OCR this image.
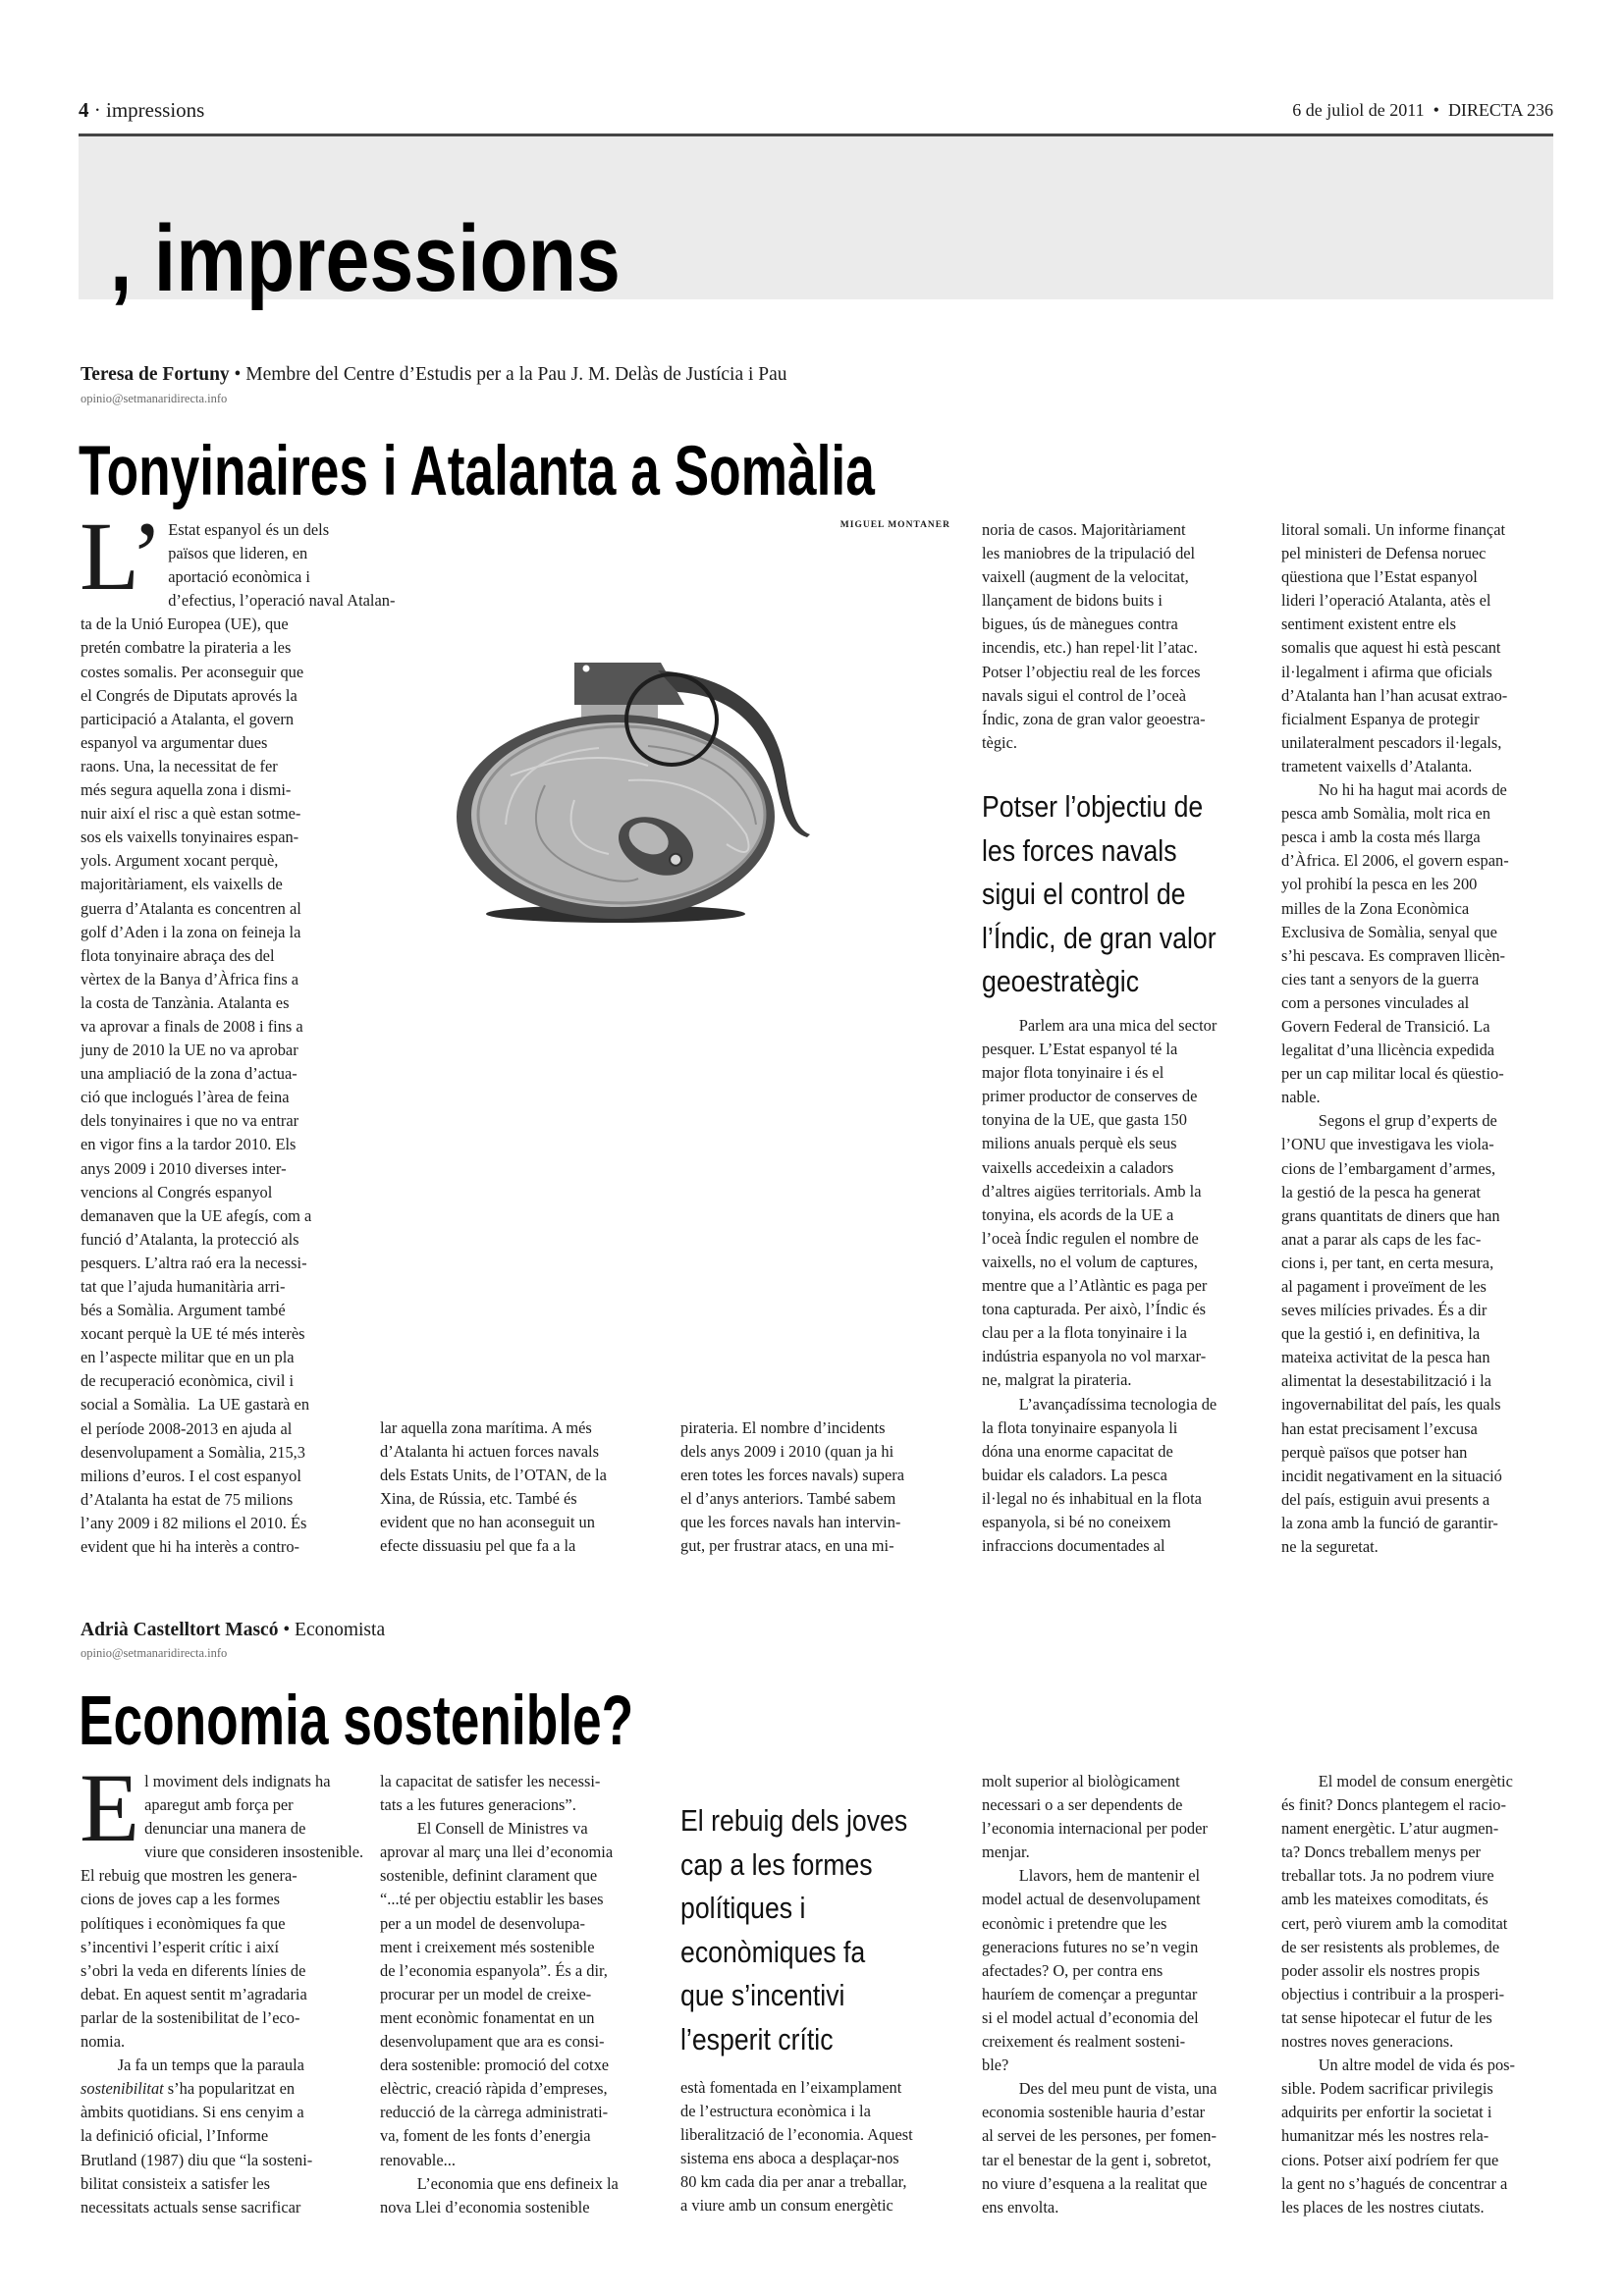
4 · impressions	6 de juliol de 2011  •  DIRECTA 236
, impressions
Teresa de Fortuny • Membre del Centre d’Estudis per a la Pau J. M. Delàs de Justícia i Pau
opinio@setmanaridirecta.info
Tonyinaires i Atalanta a Somàlia
L’ Estat espanyol és un dels
països que lideren, en
aportació econòmica i
d’efectius, l’operació naval Atalan-
ta de la Unió Europea (UE), que
pretén combatre la pirateria a les
costes somalis. Per aconseguir que
el Congrés de Diputats aprovés la
participació a Atalanta, el govern
espanyol va argumentar dues
raons. Una, la necessitat de fer
més segura aquella zona i dismi-
nuir així el risc a què estan sotme-
sos els vaixells tonyinaires espan-
yols. Argument xocant perquè,
majoritàriament, els vaixells de
guerra d’Atalanta es concentren al
golf d’Aden i la zona on feineja la
flota tonyinaire abraça des del
vèrtex de la Banya d’Àfrica fins a
la costa de Tanzània. Atalanta es
va aprovar a finals de 2008 i fins a
juny de 2010 la UE no va aprobar
una ampliació de la zona d’actua-
ció que inclogués l’àrea de feina
dels tonyinaires i que no va entrar
en vigor fins a la tardor 2010. Els
anys 2009 i 2010 diverses inter-
vencions al Congrés espanyol
demanaven que la UE afegís, com a
funció d’Atalanta, la protecció als
pesquers. L’altra raó era la necessi-
tat que l’ajuda humanitària arri-
bés a Somàlia. Argument també
xocant perquè la UE té més interès
en l’aspecte militar que en un pla
de recuperació econòmica, civil i
social a Somàlia.  La UE gastarà en
el període 2008-2013 en ajuda al
desenvolupament a Somàlia, 215,3
milions d’euros. I el cost espanyol
d’Atalanta ha estat de 75 milions
l’any 2009 i 82 milions el 2010. És
evident que hi ha interès a contro-

MIGUEL MONTANER

lar aquella zona marítima. A més
d’Atalanta hi actuen forces navals
dels Estats Units, de l’OTAN, de la
Xina, de Rússia, etc. També és
evident que no han aconseguit un
efecte dissuasiu pel que fa a la

pirateria. El nombre d’incidents
dels anys 2009 i 2010 (quan ja hi
eren totes les forces navals) supera
el d’anys anteriors. També sabem
que les forces navals han intervin-
gut, per frustrar atacs, en una mi-

noria de casos. Majoritàriament
les maniobres de la tripulació del
vaixell (augment de la velocitat,
llançament de bidons buits i
bigues, ús de mànegues contra
incendis, etc.) han repel·lit l’atac.
Potser l’objectiu real de les forces
navals sigui el control de l’oceà
Índic, zona de gran valor geoestra-
tègic.

Potser l’objectiu de
les forces navals
sigui el control de
l’Índic, de gran valor
geoestratègic

Parlem ara una mica del sector
pesquer. L’Estat espanyol té la
major flota tonyinaire i és el
primer productor de conserves de
tonyina de la UE, que gasta 150
milions anuals perquè els seus
vaixells accedeixin a caladors
d’altres aigües territorials. Amb la
tonyina, els acords de la UE a
l’oceà Índic regulen el nombre de
vaixells, no el volum de captures,
mentre que a l’Atlàntic es paga per
tona capturada. Per això, l’Índic és
clau per a la flota tonyinaire i la
indústria espanyola no vol marxar-
ne, malgrat la pirateria.

L’avançadíssima tecnologia de
la flota tonyinaire espanyola li
dóna una enorme capacitat de
buidar els caladors. La pesca
il·legal no és inhabitual en la flota
espanyola, si bé no coneixem
infraccions documentades al

litoral somali. Un informe finançat
pel ministeri de Defensa noruec
qüestiona que l’Estat espanyol
lideri l’operació Atalanta, atès el
sentiment existent entre els
somalis que aquest hi està pescant
il·legalment i afirma que oficials
d’Atalanta han l’han acusat extrao-
ficialment Espanya de protegir
unilateralment pescadors il·legals,
trametent vaixells d’Atalanta.

No hi ha hagut mai acords de
pesca amb Somàlia, molt rica en
pesca i amb la costa més llarga
d’Àfrica. El 2006, el govern espan-
yol prohibí la pesca en les 200
milles de la Zona Econòmica
Exclusiva de Somàlia, senyal que
s’hi pescava. Es compraven llicèn-
cies tant a senyors de la guerra
com a persones vinculades al
Govern Federal de Transició. La
legalitat d’una llicència expedida
per un cap militar local és qüestio-
nable.

Segons el grup d’experts de
l’ONU que investigava les viola-
cions de l’embargament d’armes,
la gestió de la pesca ha generat
grans quantitats de diners que han
anat a parar als caps de les fac-
cions i, per tant, en certa mesura,
al pagament i proveïment de les
seves milícies privades. És a dir
que la gestió i, en definitiva, la
mateixa activitat de la pesca han
alimentat la desestabilització i la
ingovernabilitat del país, les quals
han estat precisament l’excusa
perquè països que potser han
incidit negativament en la situació
del país, estiguin avui presents a
la zona amb la funció de garantir-
ne la seguretat.

Adrià Castelltort Mascó • Economista
opinio@setmanaridirecta.info
Economia sostenible?
E l moviment dels indignats ha
aparegut amb força per
denunciar una manera de
viure que consideren insostenible.
El rebuig que mostren les genera-
cions de joves cap a les formes
polítiques i econòmiques fa que
s’incentivi l’esperit crític i així
s’obri la veda en diferents línies de
debat. En aquest sentit m’agradaria
parlar de la sostenibilitat de l’eco-
nomia.

Ja fa un temps que la paraula
sostenibilitat s’ha popularitzat en
àmbits quotidians. Si ens cenyim a
la definició oficial, l’Informe
Brutland (1987) diu que “la sosteni-
bilitat consisteix a satisfer les
necessitats actuals sense sacrificar

la capacitat de satisfer les necessi-
tats a les futures generacions”.

El Consell de Ministres va
aprovar al març una llei d’economia
sostenible, definint clarament que
“...té per objectiu establir les bases
per a un model de desenvolupa-
ment i creixement més sostenible
de l’economia espanyola”. És a dir,
procurar per un model de creixe-
ment econòmic fonamentat en un
desenvolupament que ara es consi-
dera sostenible: promoció del cotxe
elèctric, creació ràpida d’empreses,
reducció de la càrrega administrati-
va, foment de les fonts d’energia
renovable...

L’economia que ens defineix la
nova Llei d’economia sostenible

El rebuig dels joves
cap a les formes
polítiques i
econòmiques fa
que s’incentivi
l’esperit crític

està fomentada en l’eixamplament
de l’estructura econòmica i la
liberalització de l’economia. Aquest
sistema ens aboca a desplaçar-nos
80 km cada dia per anar a treballar,
a viure amb un consum energètic

molt superior al biològicament
necessari o a ser dependents de
l’economia internacional per poder
menjar.

Llavors, hem de mantenir el
model actual de desenvolupament
econòmic i pretendre que les
generacions futures no se’n vegin
afectades? O, per contra ens
hauríem de començar a preguntar
si el model actual d’economia del
creixement és realment sosteni-
ble?

Des del meu punt de vista, una
economia sostenible hauria d’estar
al servei de les persones, per fomen-
tar el benestar de la gent i, sobretot,
no viure d’esquena a la realitat que
ens envolta.

El model de consum energètic
és finit? Doncs plantegem el racio-
nament energètic. L’atur augmen-
ta? Doncs treballem menys per
treballar tots. Ja no podrem viure
amb les mateixes comoditats, és
cert, però viurem amb la comoditat
de ser resistents als problemes, de
poder assolir els nostres propis
objectius i contribuir a la prosperi-
tat sense hipotecar el futur de les
nostres noves generacions.

Un altre model de vida és pos-
sible. Podem sacrificar privilegis
adquirits per enfortir la societat i
humanitzar més les nostres rela-
cions. Potser així podríem fer que
la gent no s’hagués de concentrar a
les places de les nostres ciutats.
